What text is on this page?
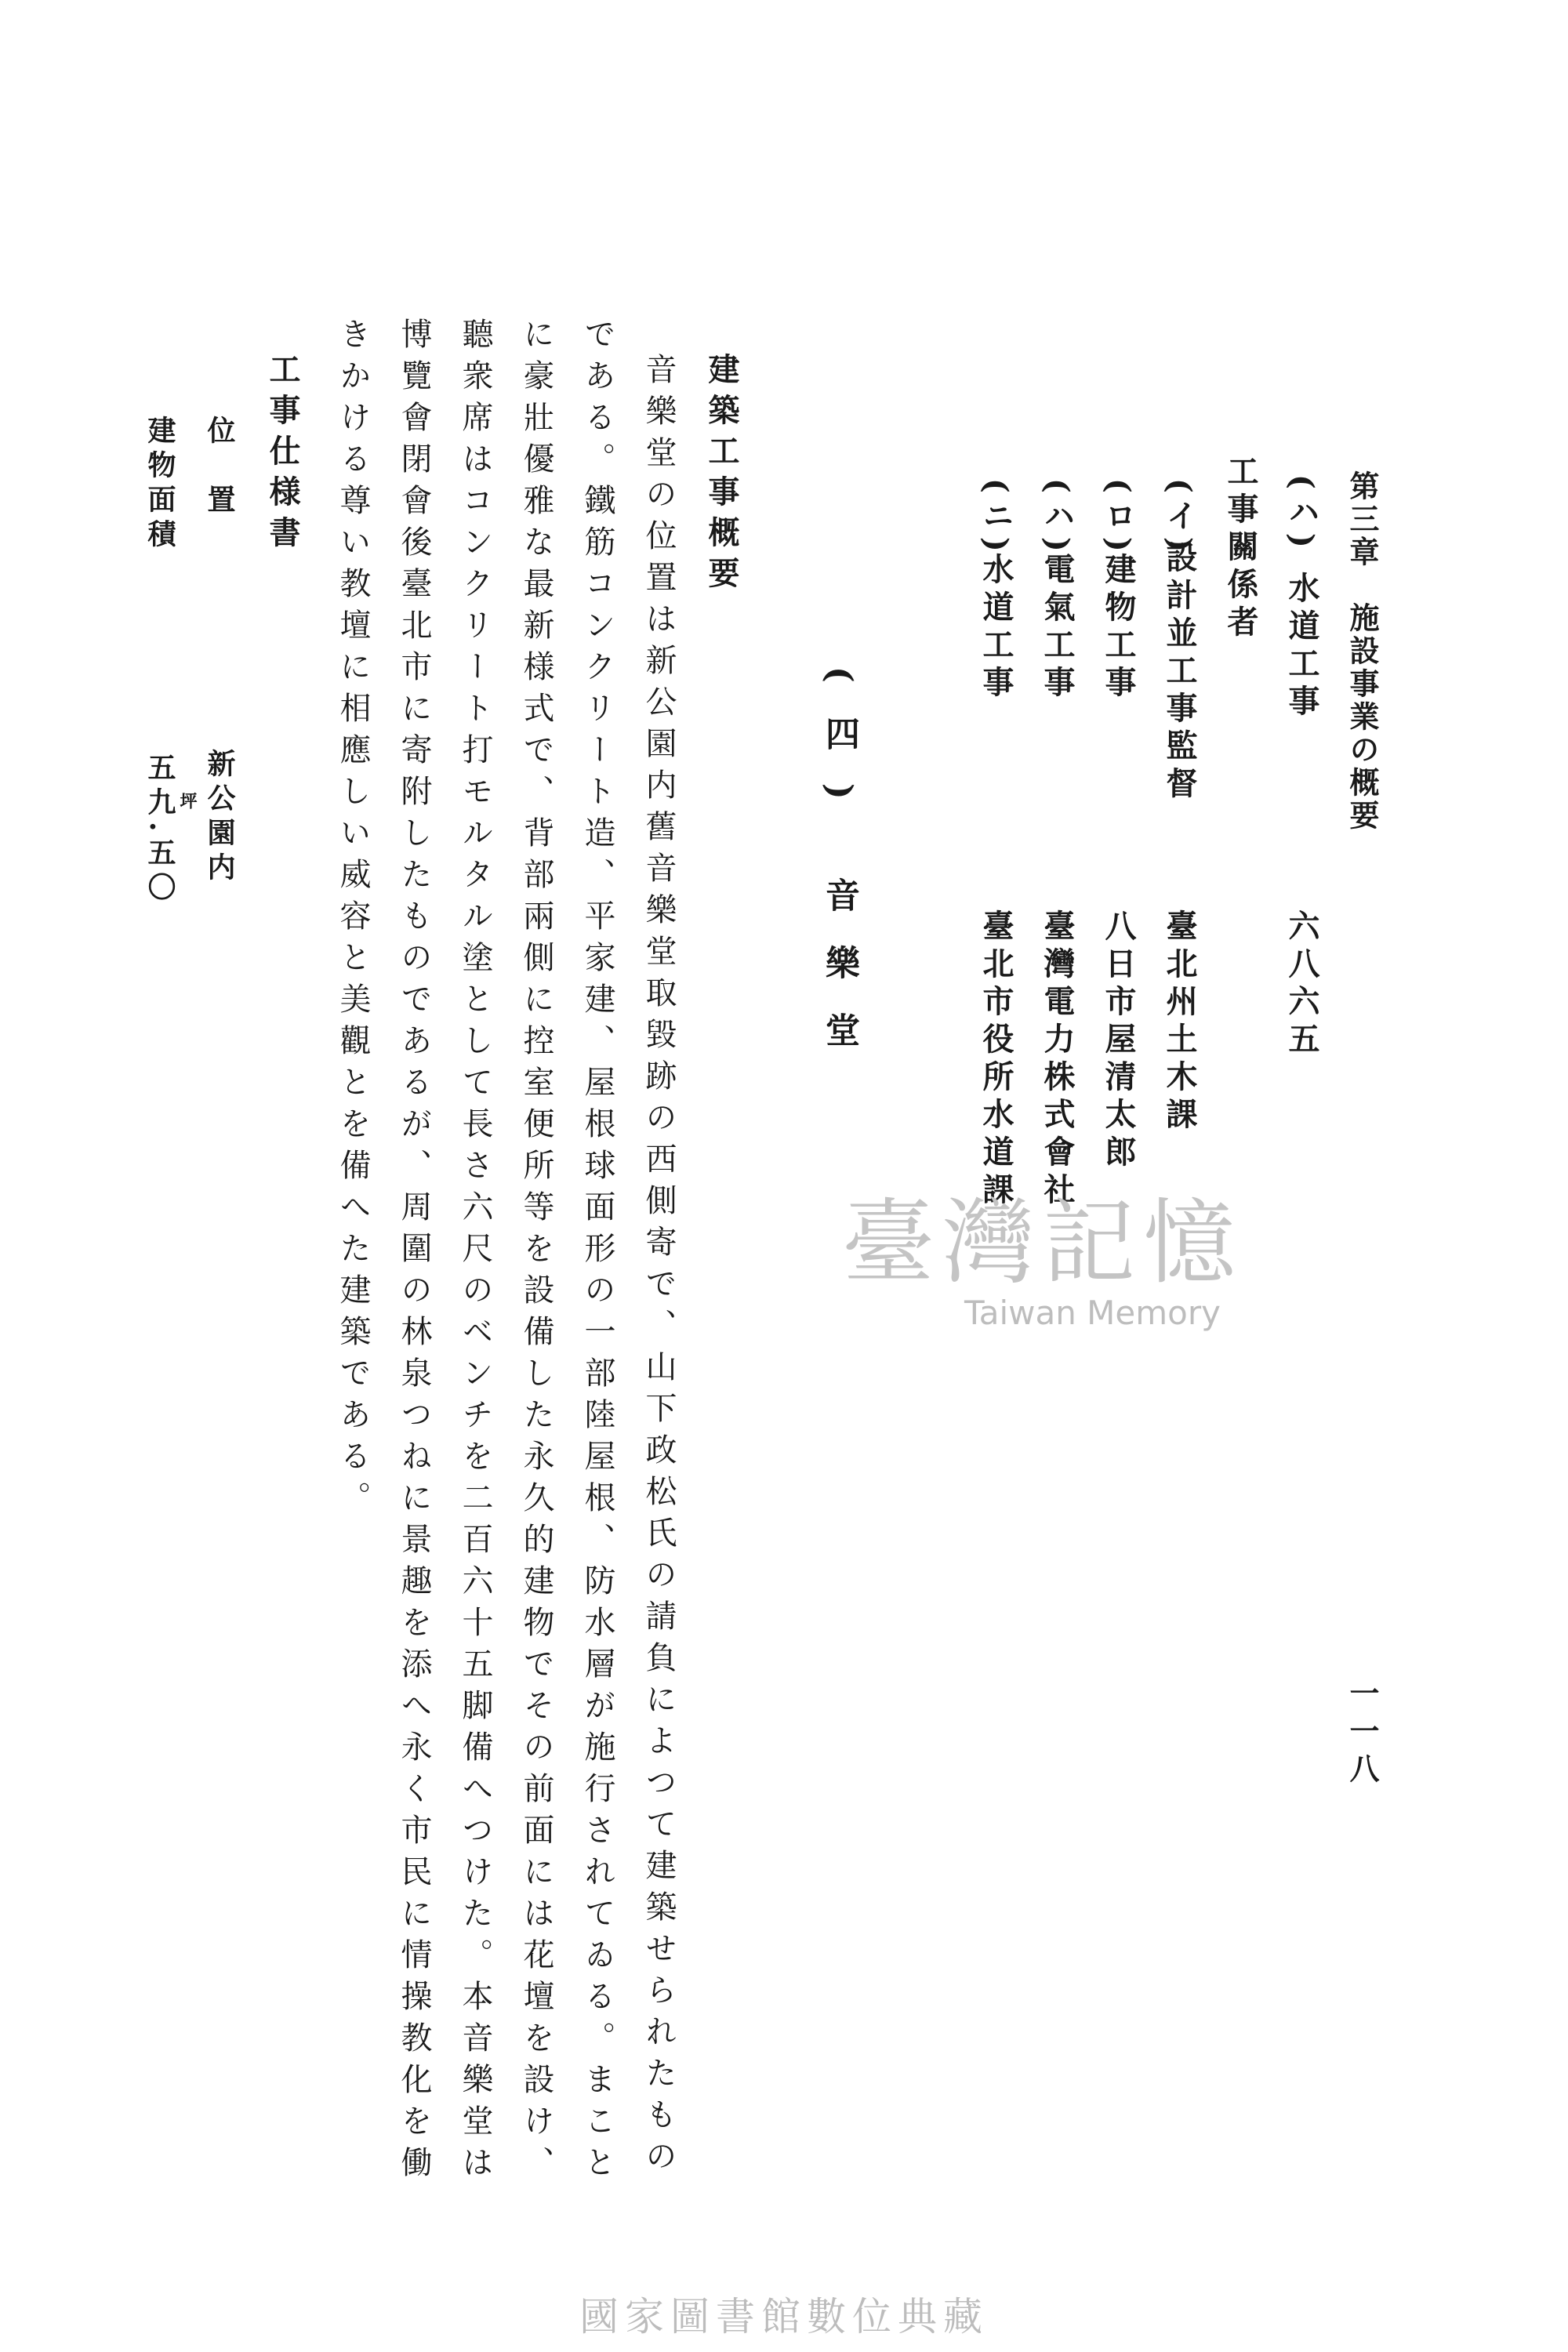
第三章　施設事業の概要
一一八
(ハ) 水道工事
六八六五
工事關係者
(イ)
設計並工事監督
臺北州土木課
(ロ)
建物工事
八日市屋清太郎
(ハ)
電氣工事
臺灣電力株式會社
(ニ)
水道工事
臺北市役所水道課
(四) 音樂堂
建築工事概要
音樂堂の位置は新公園内舊音樂堂取毀跡の西側寄で、山下政松氏の請負によつて建築せられたもの
である。鐵筋コンクリート造、平家建、屋根球面形の一部陸屋根、防水層が施行されてゐる。まこと
に豪壯優雅な最新様式で、背部兩側に控室便所等を設備した永久的建物でその前面には花壇を設け、
聽衆席はコンクリート打モルタル塗として長さ六尺のベンチを二百六十五脚備へつけた。本音樂堂は
博覽會閉會後臺北市に寄附したものであるが、周圍の林泉つねに景趣を添へ永く市民に情操教化を働
きかける尊い教壇に相應しい威容と美觀とを備へた建築である。
工事仕様書
位　置
新公園内
建物面積
五九.五〇 坪
臺灣記憶
Taiwan Memory
國家圖書館數位典藏
